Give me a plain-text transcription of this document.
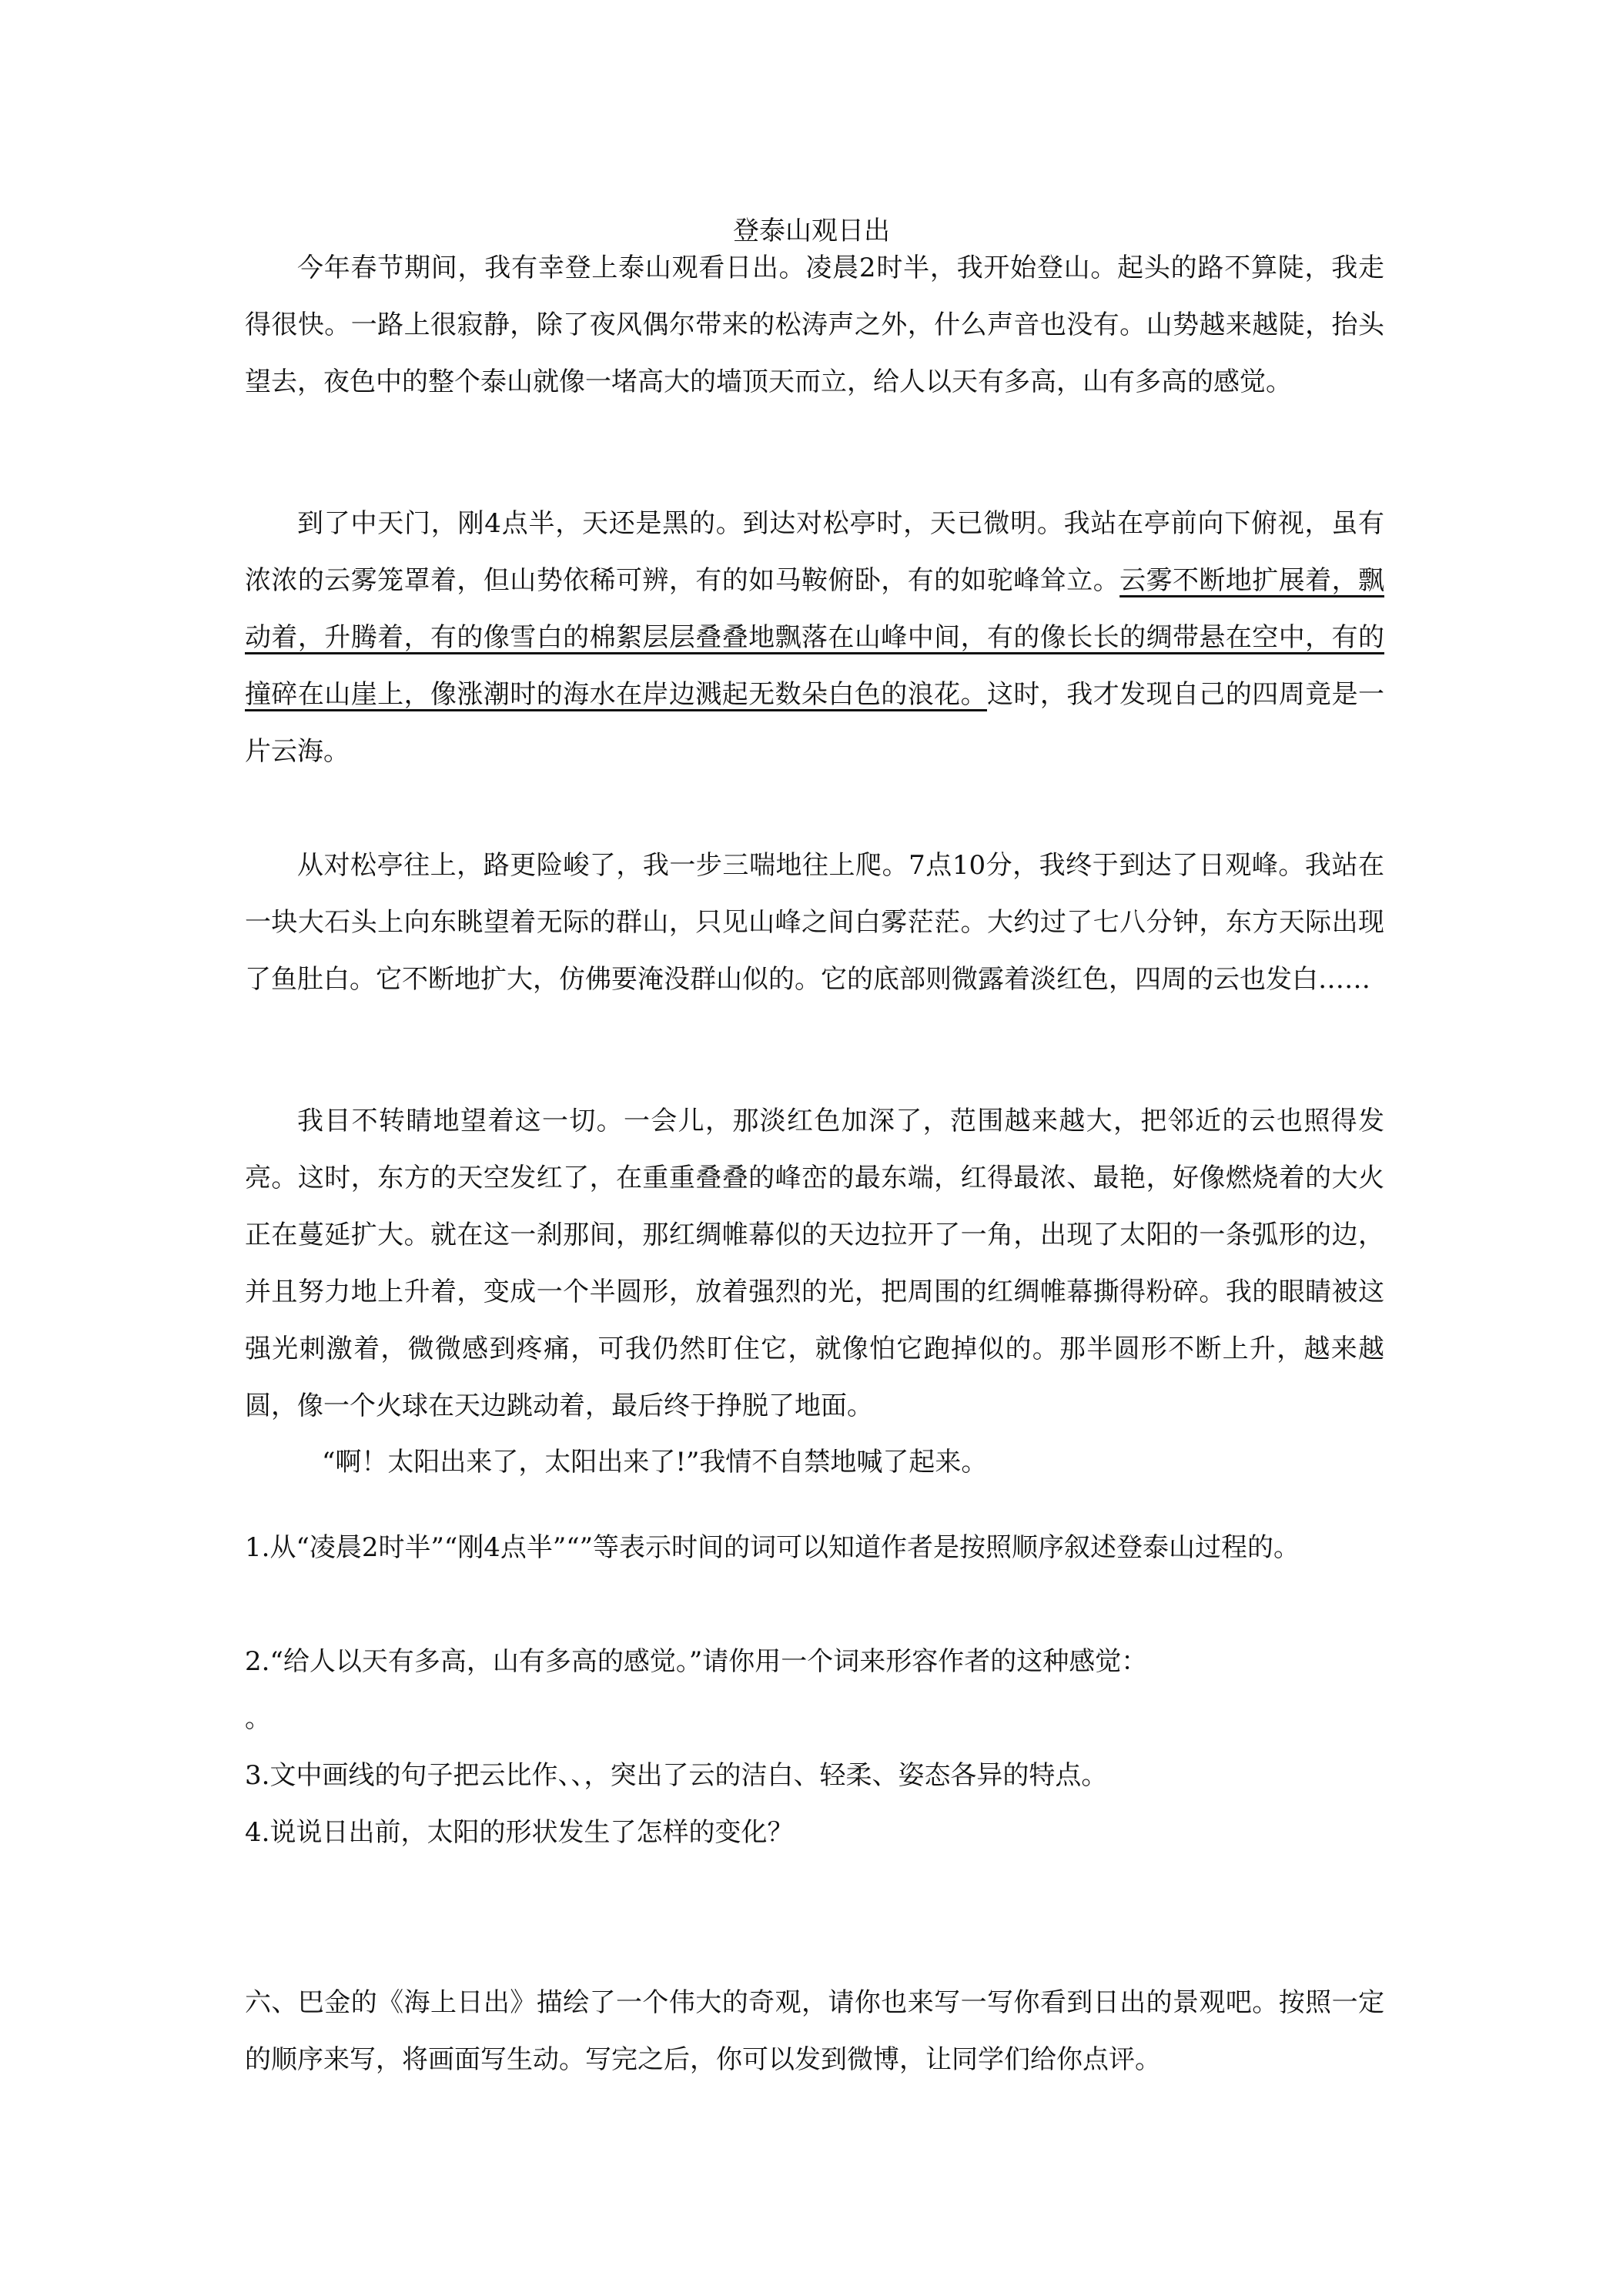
登泰山观日出
今年春节期间，我有幸登上泰山观看日出。凌晨2时半，我开始登山。起头的路不算陡，我走得很快。一路上很寂静，除了夜风偶尔带来的松涛声之外，什么声音也没有。山势越来越陡，抬头望去，夜色中的整个泰山就像一堵高大的墙顶天而立，给人以天有多高，山有多高的感觉。
到了中天门，刚4点半，天还是黑的。到达对松亭时，天已微明。我站在亭前向下俯视，虽有浓浓的云雾笼罩着，但山势依稀可辨，有的如马鞍俯卧，有的如驼峰耸立。云雾不断地扩展着，飘动着，升腾着，有的像雪白的棉絮层层叠叠地飘落在山峰中间，有的像长长的绸带悬在空中，有的撞碎在山崖上，像涨潮时的海水在岸边溅起无数朵白色的浪花。这时，我才发现自己的四周竟是一片云海。
从对松亭往上，路更险峻了，我一步三喘地往上爬。7点10分，我终于到达了日观峰。我站在一块大石头上向东眺望着无际的群山，只见山峰之间白雾茫茫。大约过了七八分钟，东方天际出现了鱼肚白。它不断地扩大，仿佛要淹没群山似的。它的底部则微露着淡红色，四周的云也发白……
我目不转睛地望着这一切。一会儿，那淡红色加深了，范围越来越大，把邻近的云也照得发亮。这时，东方的天空发红了，在重重叠叠的峰峦的最东端，红得最浓、最艳，好像燃烧着的大火正在蔓延扩大。就在这一刹那间，那红绸帷幕似的天边拉开了一角，出现了太阳的一条弧形的边，并且努力地上升着，变成一个半圆形，放着强烈的光，把周围的红绸帷幕撕得粉碎。我的眼睛被这强光刺激着，微微感到疼痛，可我仍然盯住它，就像怕它跑掉似的。那半圆形不断上升，越来越圆，像一个火球在天边跳动着，最后终于挣脱了地面。
“啊！太阳出来了，太阳出来了!”我情不自禁地喊了起来。
1.从“凌晨2时半”“刚4点半”“”等表示时间的词可以知道作者是按照顺序叙述登泰山过程的。
2.“给人以天有多高，山有多高的感觉。”请你用一个词来形容作者的这种感觉：
。
3.文中画线的句子把云比作、、，突出了云的洁白、轻柔、姿态各异的特点。
4.说说日出前，太阳的形状发生了怎样的变化？
六、巴金的《海上日出》描绘了一个伟大的奇观，请你也来写一写你看到日出的景观吧。按照一定的顺序来写，将画面写生动。写完之后，你可以发到微博，让同学们给你点评。
